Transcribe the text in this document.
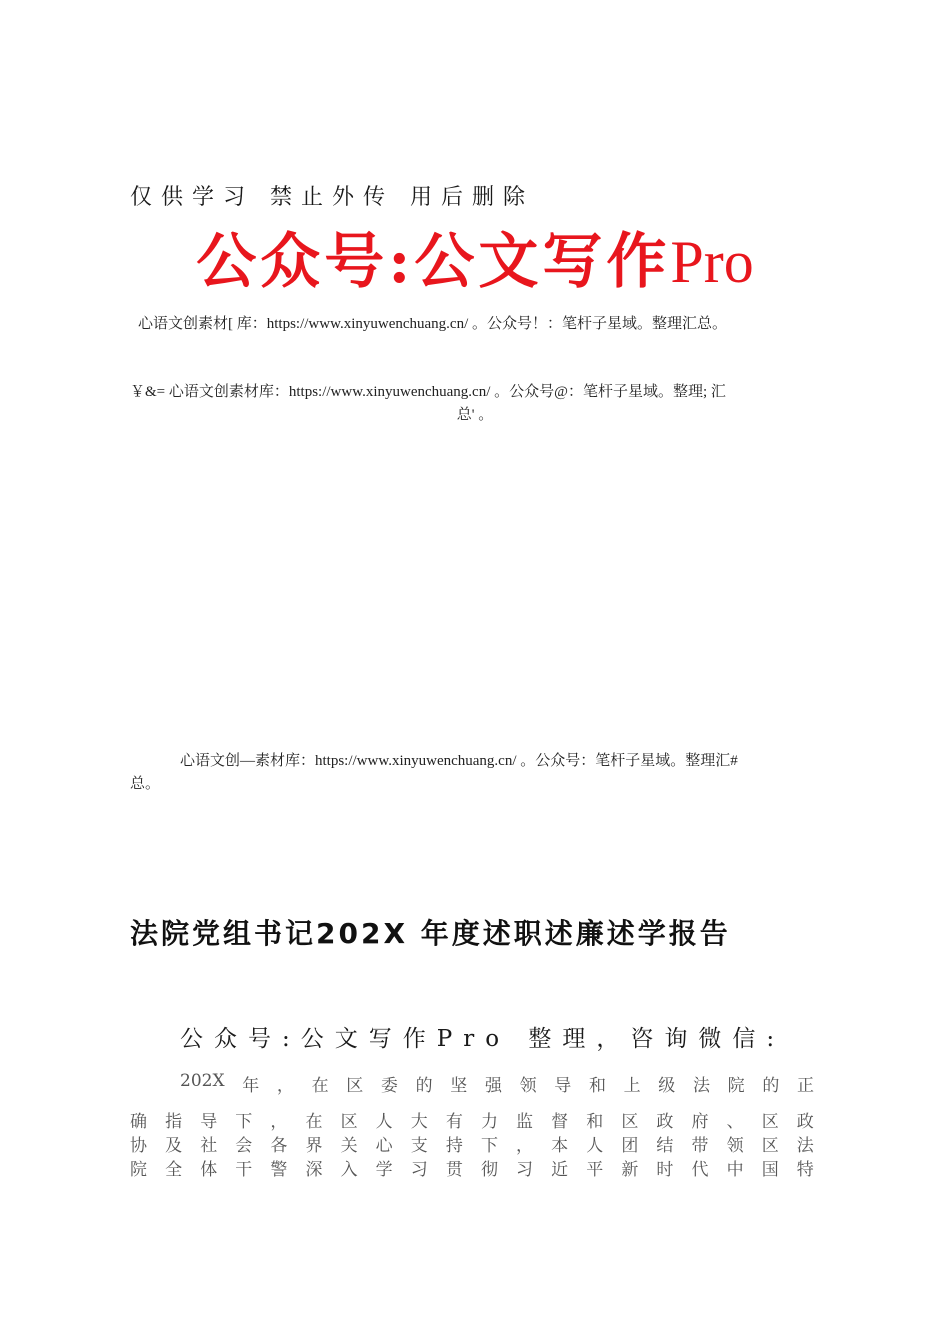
仅供学习 禁止外传 用后删除
公众号:公文写作Pro
心语文创素材[ 库：https://www.xinyuwenchuang.cn/ 。公众号！：笔杆子星域。整理汇总。
￥&= 心语文创素材库：https://www.xinyuwenchuang.cn/ 。公众号@：笔杆子星域。整理; 汇
总' 。
心语文创—素材库：https://www.xinyuwenchuang.cn/ 。公众号：笔杆子星域。整理汇#
总。
法院党组书记202X 年度述职述廉述学报告
公众号:公文写作Pro 整理，咨询微信:
202X 年 ， 在 区 委 的 坚 强 领 导 和 上 级 法 院 的 正
确 指 导 下 ， 在 区 人 大 有 力 监 督 和 区 政 府 、 区 政
协 及 社 会 各 界 关 心 支 持 下 ， 本 人 团 结 带 领 区 法
院 全 体 干 警 深 入 学 习 贯 彻 习 近 平 新 时 代 中 国 特
